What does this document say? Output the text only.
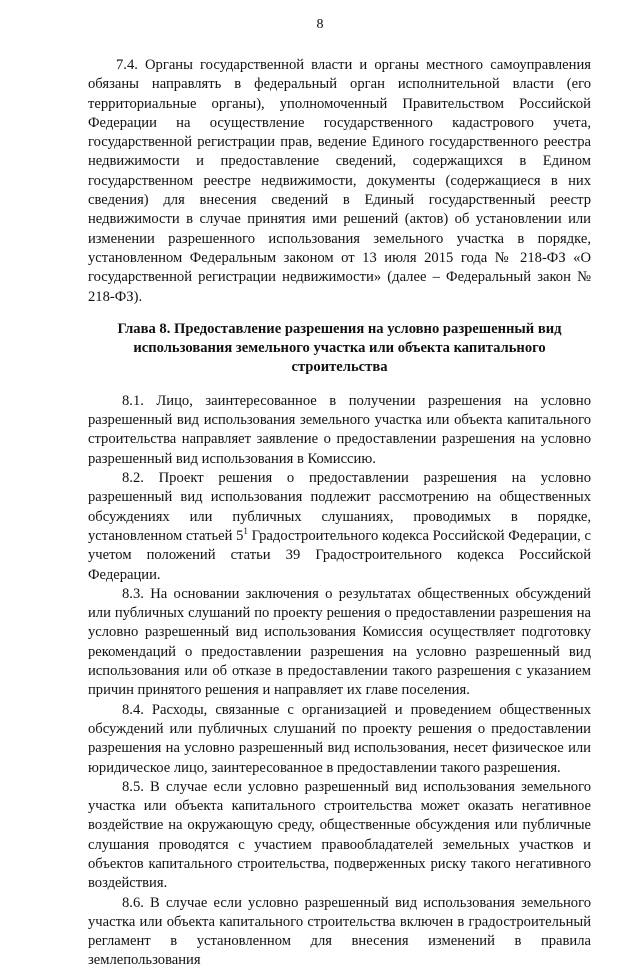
8

7.4. Органы государственной власти и органы местного самоуправления обязаны направлять в федеральный орган исполнительной власти (его территориальные органы), уполномоченный Правительством Российской Федерации на осуществление государственного кадастрового учета, государственной регистрации прав, ведение Единого государственного реестра недвижимости и предоставление сведений, содержащихся в Едином государственном реестре недвижимости, документы (содержащиеся в них сведения) для внесения сведений в Единый государственный реестр недвижимости в случае принятия ими решений (актов) об установлении или изменении разрешенного использования земельного участка в порядке, установленном Федеральным законом от 13 июля 2015 года № 218-ФЗ «О государственной регистрации недвижимости» (далее – Федеральный закон № 218-ФЗ).

Глава 8. Предоставление разрешения на условно разрешенный вид использования земельного участка или объекта капитального строительства

8.1. Лицо, заинтересованное в получении разрешения на условно разрешенный вид использования земельного участка или объекта капитального строительства направляет заявление о предоставлении разрешения на условно разрешенный вид использования в Комиссию.

8.2. Проект решения о предоставлении разрешения на условно разрешенный вид использования подлежит рассмотрению на общественных обсуждениях или публичных слушаниях, проводимых в порядке, установленном статьей 5$^1$ Градостроительного кодекса Российской Федерации, с учетом положений статьи 39 Градостроительного кодекса Российской Федерации.

8.3. На основании заключения о результатах общественных обсуждений или публичных слушаний по проекту решения о предоставлении разрешения на условно разрешенный вид использования Комиссия осуществляет подготовку рекомендаций о предоставлении разрешения на условно разрешенный вид использования или об отказе в предоставлении такого разрешения с указанием причин принятого решения и направляет их главе поселения.

8.4. Расходы, связанные с организацией и проведением общественных обсуждений или публичных слушаний по проекту решения о предоставлении разрешения на условно разрешенный вид использования, несет физическое или юридическое лицо, заинтересованное в предоставлении такого разрешения.

8.5. В случае если условно разрешенный вид использования земельного участка или объекта капитального строительства может оказать негативное воздействие на окружающую среду, общественные обсуждения или публичные слушания проводятся с участием правообладателей земельных участков и объектов капитального строительства, подверженных риску такого негативного воздействия.

8.6. В случае если условно разрешенный вид использования земельного участка или объекта капитального строительства включен в градостроительный регламент в установленном для внесения изменений в правила землепользования
